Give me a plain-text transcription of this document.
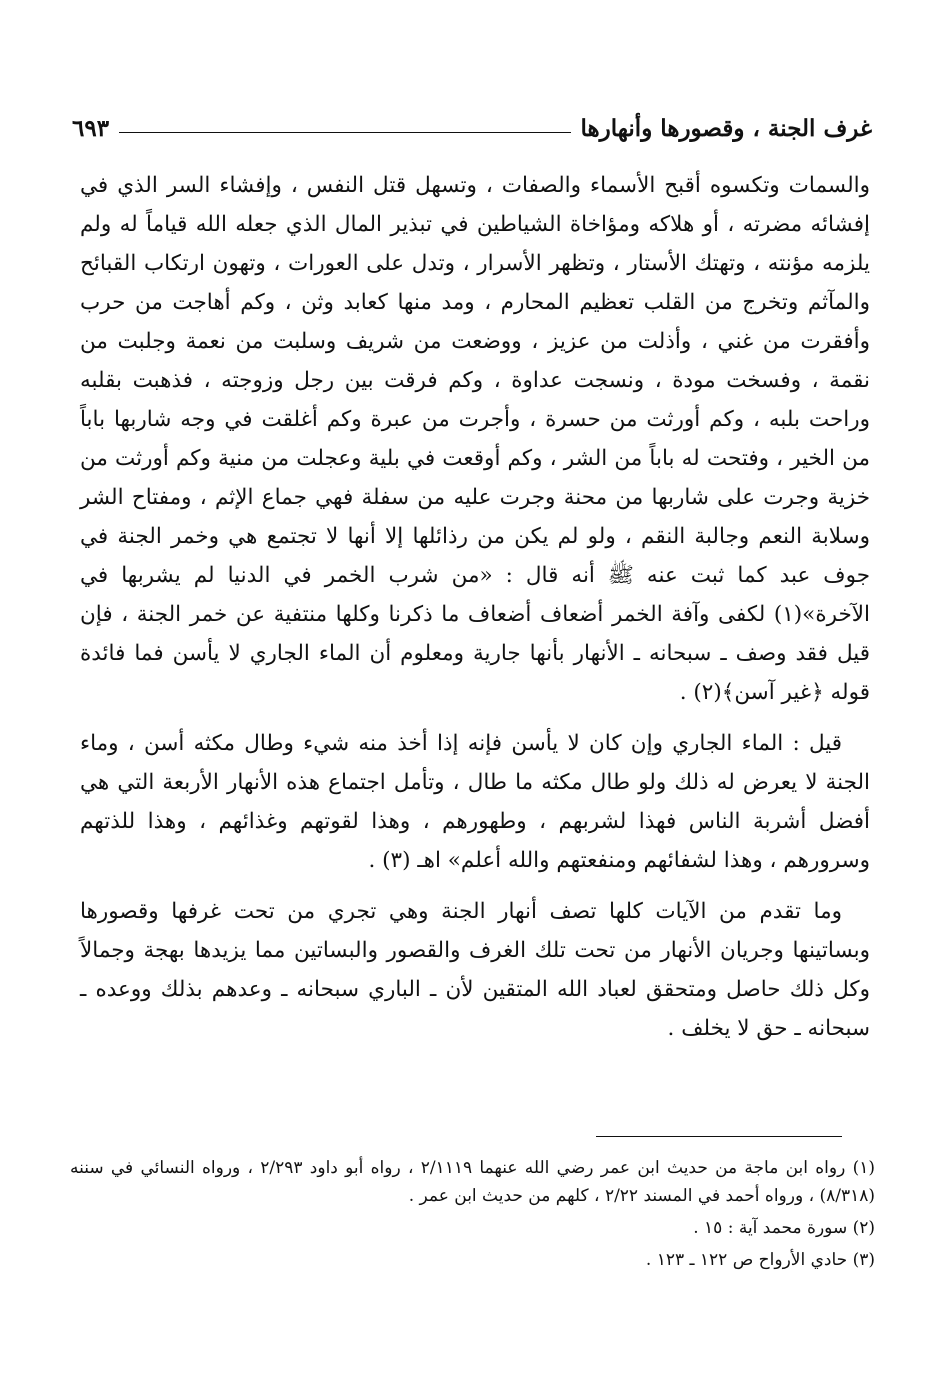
غرف الجنة ، وقصورها وأنهارها
٦٩٣

والسمات وتكسوه أقبح الأسماء والصفات ، وتسهل قتل النفس ، وإفشاء السر الذي في إفشائه مضرته ، أو هلاكه ومؤاخاة الشياطين في تبذير المال الذي جعله الله قياماً له ولم يلزمه مؤنته ، وتهتك الأستار ، وتظهر الأسرار ، وتدل على العورات ، وتهون ارتكاب القبائح والمآثم وتخرج من القلب تعظيم المحارم ، ومد منها كعابد وثن ، وكم أهاجت من حرب وأفقرت من غني ، وأذلت من عزيز ، ووضعت من شريف وسلبت من نعمة وجلبت من نقمة ، وفسخت مودة ، ونسجت عداوة ، وكم فرقت بين رجل وزوجته ، فذهبت بقلبه وراحت بلبه ، وكم أورثت من حسرة ، وأجرت من عبرة وكم أغلقت في وجه شاربها باباً من الخير ، وفتحت له باباً من الشر ، وكم أوقعت في بلية وعجلت من منية وكم أورثت من خزية وجرت على شاربها من محنة وجرت عليه من سفلة فهي جماع الإثم ، ومفتاح الشر وسلابة النعم وجالبة النقم ، ولو لم يكن من رذائلها إلا أنها لا تجتمع هي وخمر الجنة في جوف عبد كما ثبت عنه ﷺ أنه قال : «من شرب الخمر في الدنيا لم يشربها في الآخرة»(١) لكفى وآفة الخمر أضعاف أضعاف ما ذكرنا وكلها منتفية عن خمر الجنة ، فإن قيل فقد وصف ـ سبحانه ـ الأنهار بأنها جارية ومعلوم أن الماء الجاري لا يأسن فما فائدة قوله ﴿غير آسن﴾(٢) .

قيل : الماء الجاري وإن كان لا يأسن فإنه إذا أخذ منه شيء وطال مكثه أسن ، وماء الجنة لا يعرض له ذلك ولو طال مكثه ما طال ، وتأمل اجتماع هذه الأنهار الأربعة التي هي أفضل أشربة الناس فهذا لشربهم ، وطهورهم ، وهذا لقوتهم وغذائهم ، وهذا للذتهم وسرورهم ، وهذا لشفائهم ومنفعتهم والله أعلم» اهـ (٣) .

وما تقدم من الآيات كلها تصف أنهار الجنة وهي تجري من تحت غرفها وقصورها وبساتينها وجريان الأنهار من تحت تلك الغرف والقصور والبساتين مما يزيدها بهجة وجمالاً وكل ذلك حاصل ومتحقق لعباد الله المتقين لأن ـ الباري سبحانه ـ وعدهم بذلك ووعده ـ سبحانه ـ حق لا يخلف .

(١) رواه ابن ماجة من حديث ابن عمر رضي الله عنهما ٢/١١١٩ ، رواه أبو داود ٢/٢٩٣ ، ورواه النسائي في سننه (٨/٣١٨) ، ورواه أحمد في المسند ٢/٢٢ ، كلهم من حديث ابن عمر .

(٢) سورة محمد آية : ١٥ .

(٣) حادي الأرواح ص ١٢٢ ـ ١٢٣ .
